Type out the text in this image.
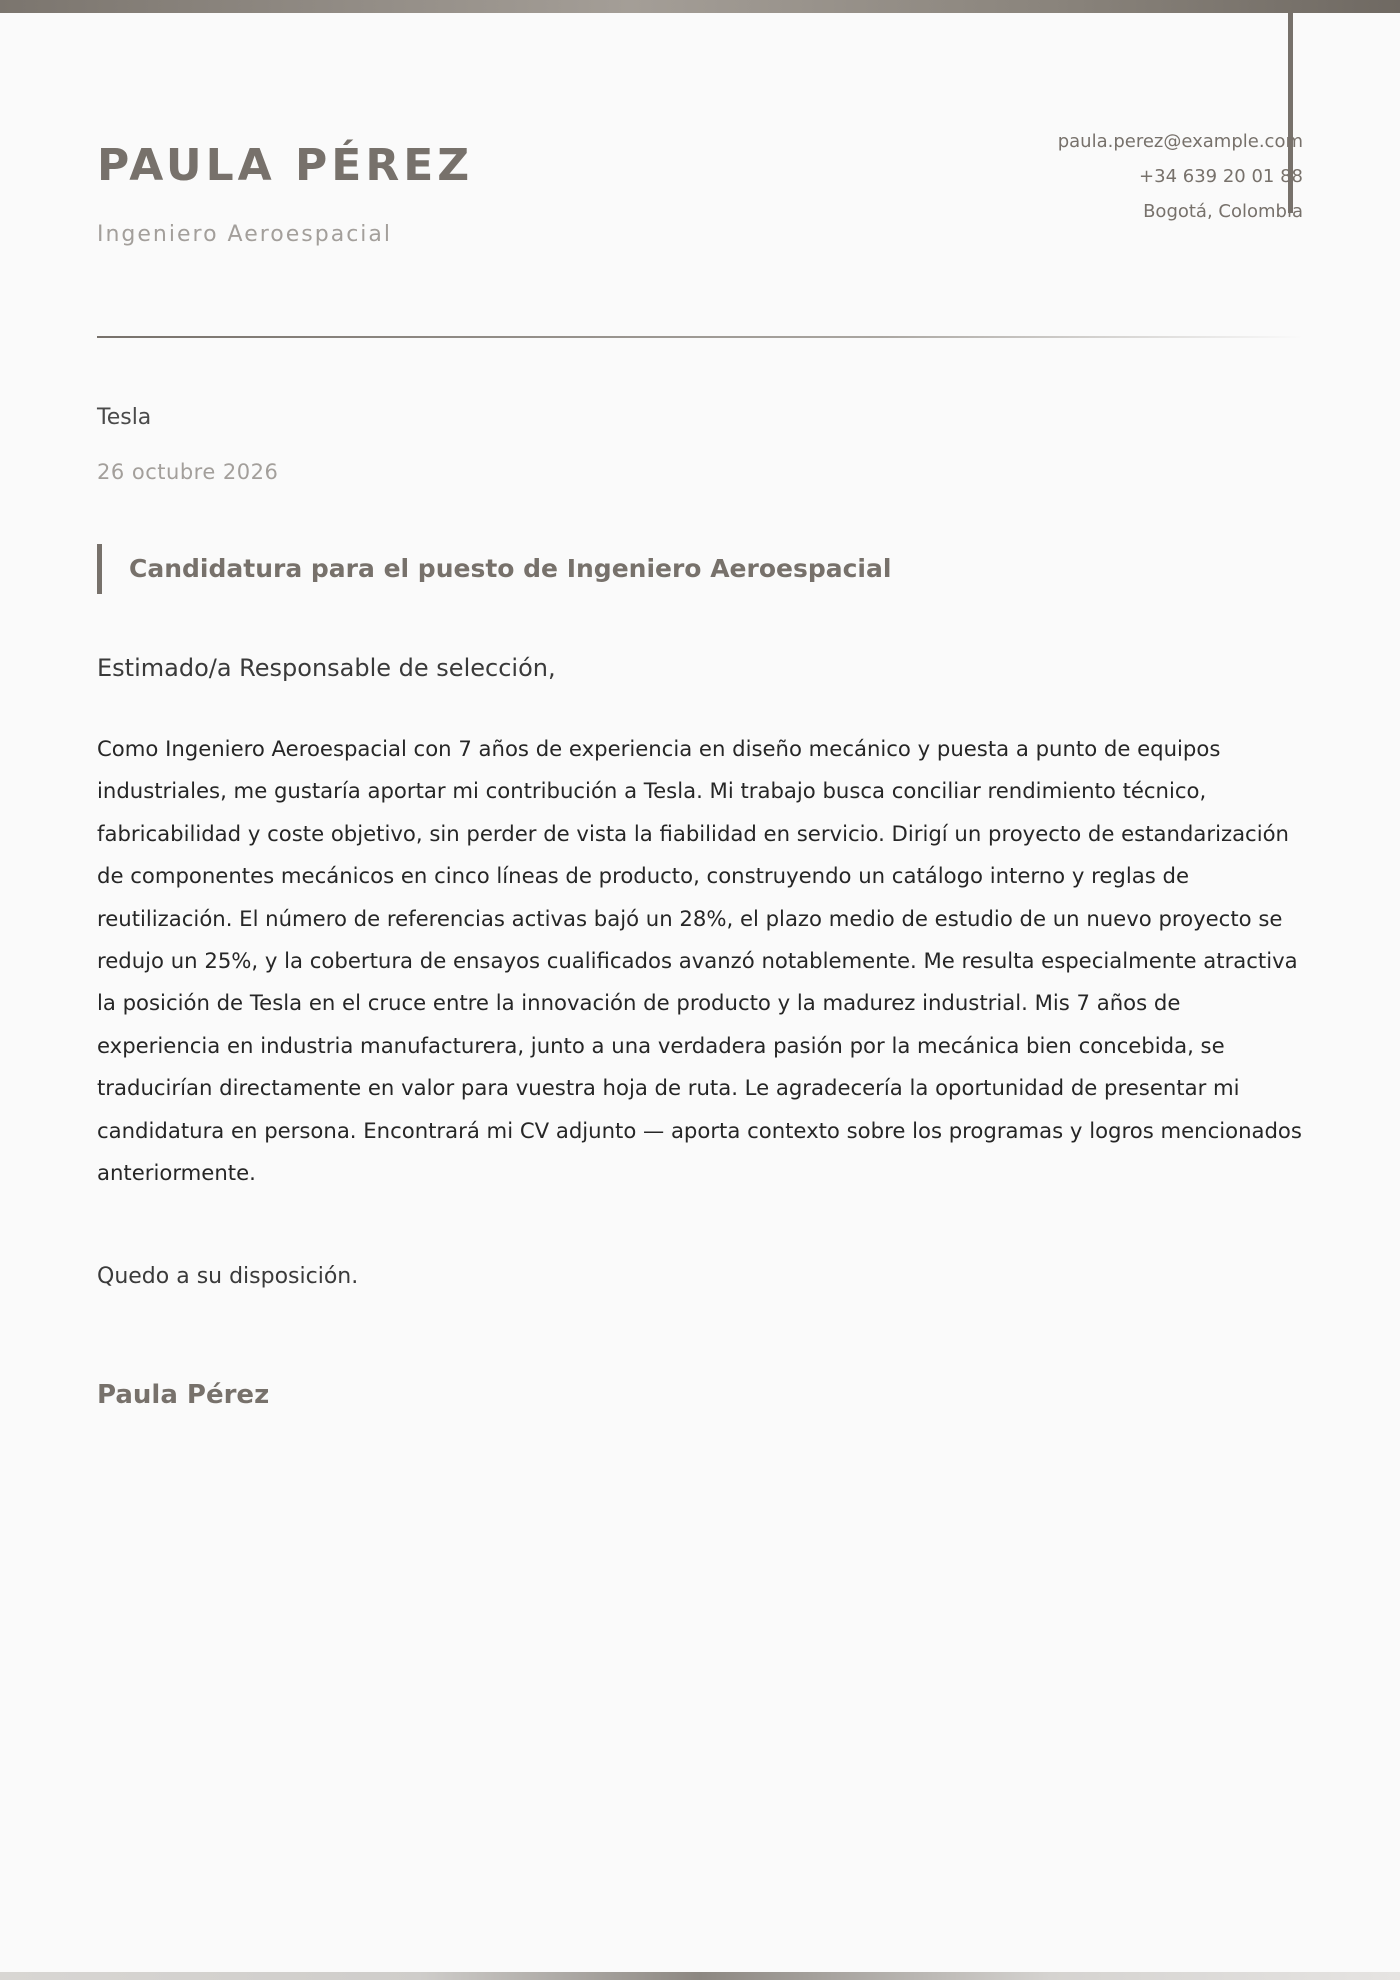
PAULA PÉREZ
Ingeniero Aeroespacial
paula.perez@example.com
+34 639 20 01 88
Bogotá, Colombia
Tesla
26 octubre 2026
Candidatura para el puesto de Ingeniero Aeroespacial
Estimado/a Responsable de selección,

Como Ingeniero Aeroespacial con 7 años de experiencia en diseño mecánico y puesta a punto de equipos industriales, me gustaría aportar mi contribución a Tesla. Mi trabajo busca conciliar rendimiento técnico, fabricabilidad y coste objetivo, sin perder de vista la fiabilidad en servicio. Dirigí un proyecto de estandarización de componentes mecánicos en cinco líneas de producto, construyendo un catálogo interno y reglas de reutilización. El número de referencias activas bajó un 28%, el plazo medio de estudio de un nuevo proyecto se redujo un 25%, y la cobertura de ensayos cualificados avanzó notablemente. Me resulta especialmente atractiva la posición de Tesla en el cruce entre la innovación de producto y la madurez industrial. Mis 7 años de experiencia en industria manufacturera, junto a una verdadera pasión por la mecánica bien concebida, se traducirían directamente en valor para vuestra hoja de ruta. Le agradecería la oportunidad de presentar mi candidatura en persona. Encontrará mi CV adjunto — aporta contexto sobre los programas y logros mencionados anteriormente.

Quedo a su disposición.
Paula Pérez
